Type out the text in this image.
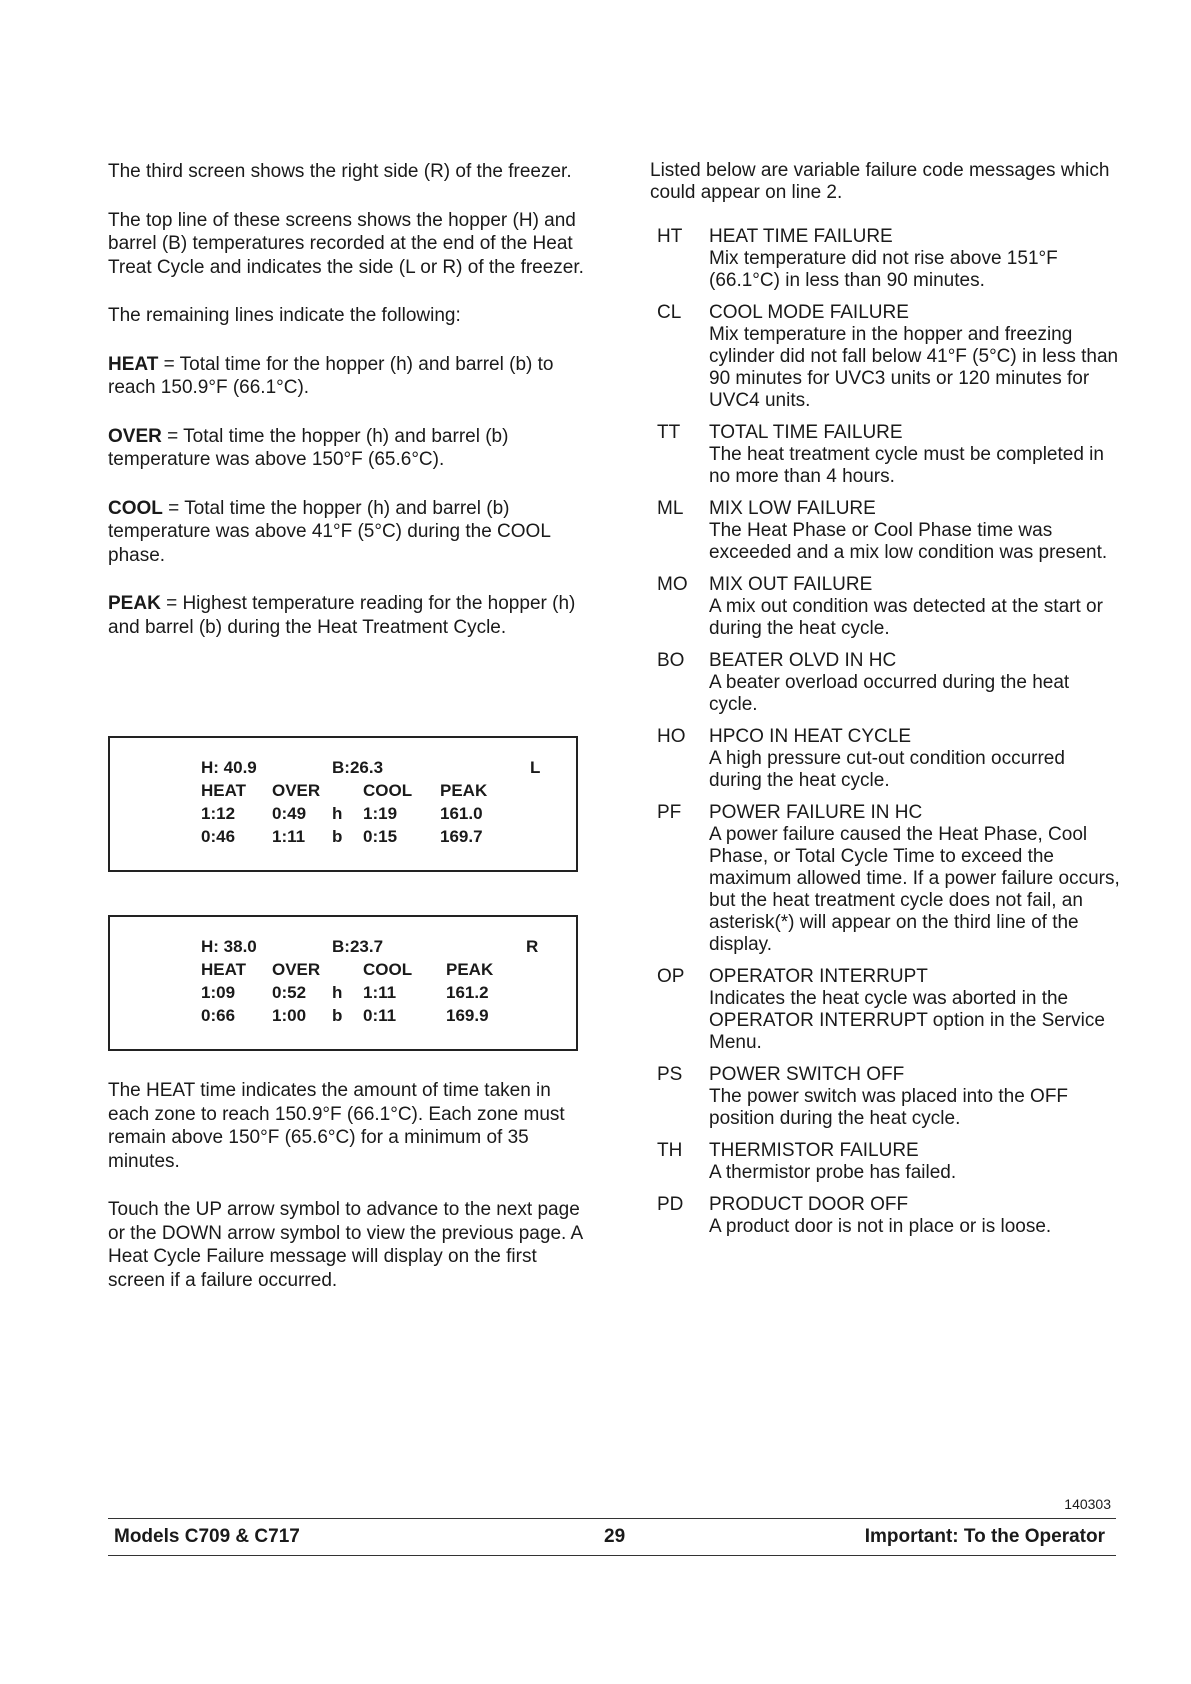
The third screen shows the right side (R) of the freezer.

The top line of these screens shows the hopper (H) and barrel (B) temperatures recorded at the end of the Heat Treat Cycle and indicates the side (L or R) of the freezer.

The remaining lines indicate the following:

HEAT = Total time for the hopper (h) and barrel (b) to reach 150.9°F (66.1°C).

OVER = Total time the hopper (h) and barrel (b) temperature was above 150°F (65.6°C).

COOL = Total time the hopper (h) and barrel (b) temperature was above 41°F (5°C) during the COOL phase.

PEAK = Highest temperature reading for the hopper (h) and barrel (b) during the Heat Treatment Cycle.

H: 40.9	B:26.3	L
HEAT OVER	COOL PEAK
1:12 0:49 h 1:19	161.0
0:46 1:11 b 0:15	169.7
H: 38.0	B:23.7	R
HEAT OVER	COOL PEAK
1:09 0:52 h 1:11	161.2
0:66 1:00 b 0:11	169.9

The HEAT time indicates the amount of time taken in each zone to reach 150.9°F (66.1°C). Each zone must remain above 150°F (65.6°C) for a minimum of 35 minutes.

Touch the UP arrow symbol to advance to the next page or the DOWN arrow symbol to view the previous page. A Heat Cycle Failure message will display on the first screen if a failure occurred.

Listed below are variable failure code messages which could appear on line 2.

HT HEAT TIME FAILURE
Mix temperature did not rise above 151°F (66.1°C) in less than 90 minutes.
CL COOL MODE FAILURE
Mix temperature in the hopper and freezing cylinder did not fall below 41°F (5°C) in less than 90 minutes for UVC3 units or 120 minutes for UVC4 units.
TT TOTAL TIME FAILURE
The heat treatment cycle must be completed in no more than 4 hours.
ML MIX LOW FAILURE
The Heat Phase or Cool Phase time was exceeded and a mix low condition was present.
MO MIX OUT FAILURE
A mix out condition was detected at the start or during the heat cycle.
BO BEATER OLVD IN HC
A beater overload occurred during the heat cycle.
HO HPCO IN HEAT CYCLE
A high pressure cut-out condition occurred during the heat cycle.
PF POWER FAILURE IN HC
A power failure caused the Heat Phase, Cool Phase, or Total Cycle Time to exceed the maximum allowed time. If a power failure occurs, but the heat treatment cycle does not fail, an asterisk(*) will appear on the third line of the display.
OP OPERATOR INTERRUPT
Indicates the heat cycle was aborted in the OPERATOR INTERRUPT option in the Service Menu.
PS POWER SWITCH OFF
The power switch was placed into the OFF position during the heat cycle.
TH THERMISTOR FAILURE
A thermistor probe has failed.
PD PRODUCT DOOR OFF
A product door is not in place or is loose.
140303
Models C709 & C717	29	Important: To the Operator
